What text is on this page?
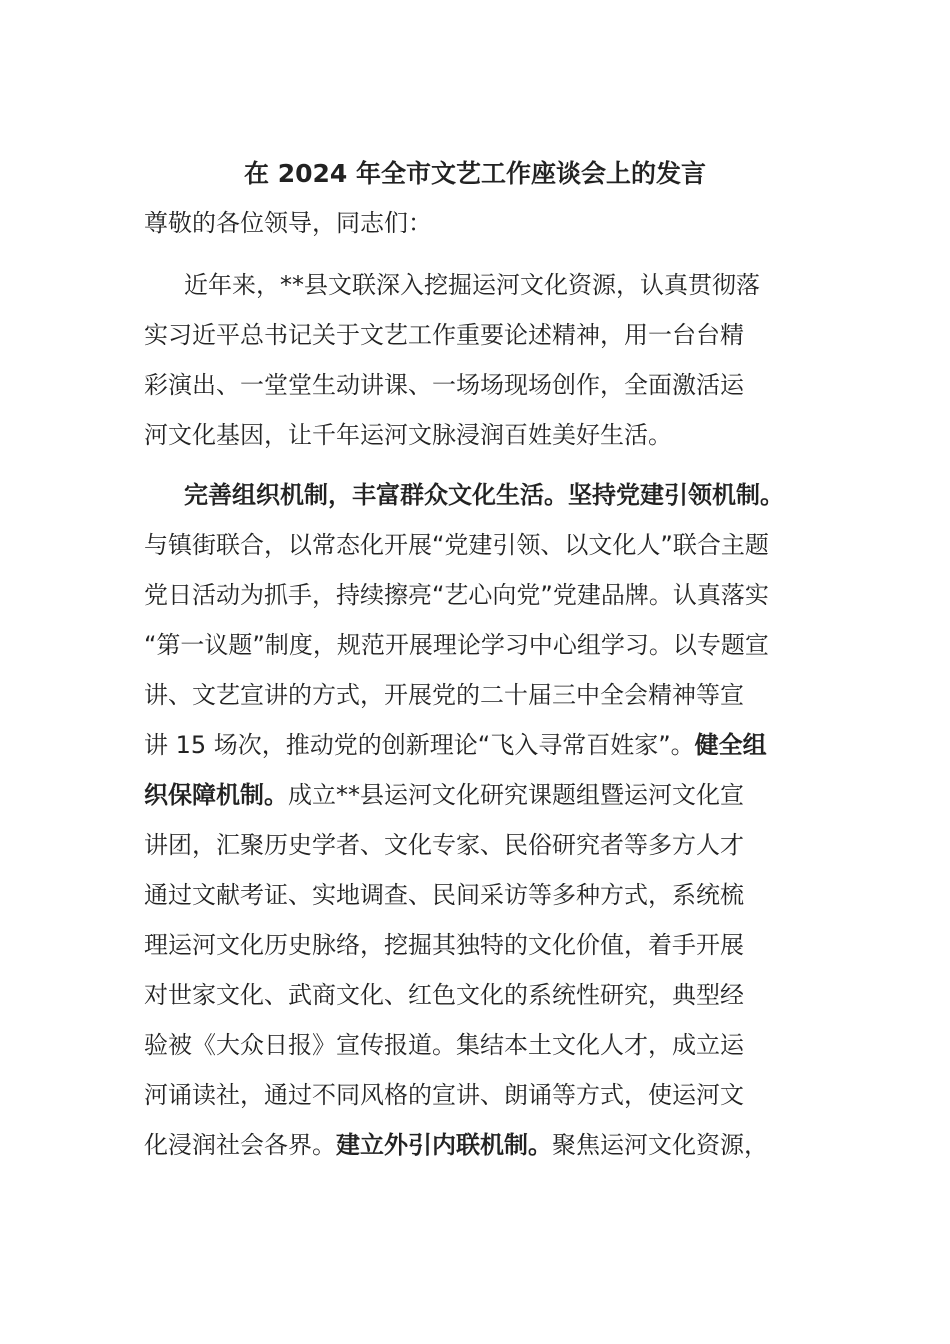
在 2024 年全市文艺工作座谈会上的发言
尊敬的各位领导，同志们：
近年来，**县文联深入挖掘运河文化资源，认真贯彻落
实习近平总书记关于文艺工作重要论述精神，用一台台精
彩演出、一堂堂生动讲课、一场场现场创作，全面激活运
河文化基因，让千年运河文脉浸润百姓美好生活。
完善组织机制，丰富群众文化生活。坚持党建引领机制。
与镇街联合，以常态化开展“党建引领、以文化人”联合主题
党日活动为抓手，持续擦亮“艺心向党”党建品牌。认真落实
“第一议题”制度，规范开展理论学习中心组学习。以专题宣
讲、文艺宣讲的方式，开展党的二十届三中全会精神等宣
讲 15 场次，推动党的创新理论“飞入寻常百姓家”。健全组
织保障机制。成立**县运河文化研究课题组暨运河文化宣
讲团，汇聚历史学者、文化专家、民俗研究者等多方人才
通过文献考证、实地调查、民间采访等多种方式，系统梳
理运河文化历史脉络，挖掘其独特的文化价值，着手开展
对世家文化、武商文化、红色文化的系统性研究，典型经
验被《大众日报》宣传报道。集结本土文化人才，成立运
河诵读社，通过不同风格的宣讲、朗诵等方式，使运河文
化浸润社会各界。建立外引内联机制。聚焦运河文化资源，
